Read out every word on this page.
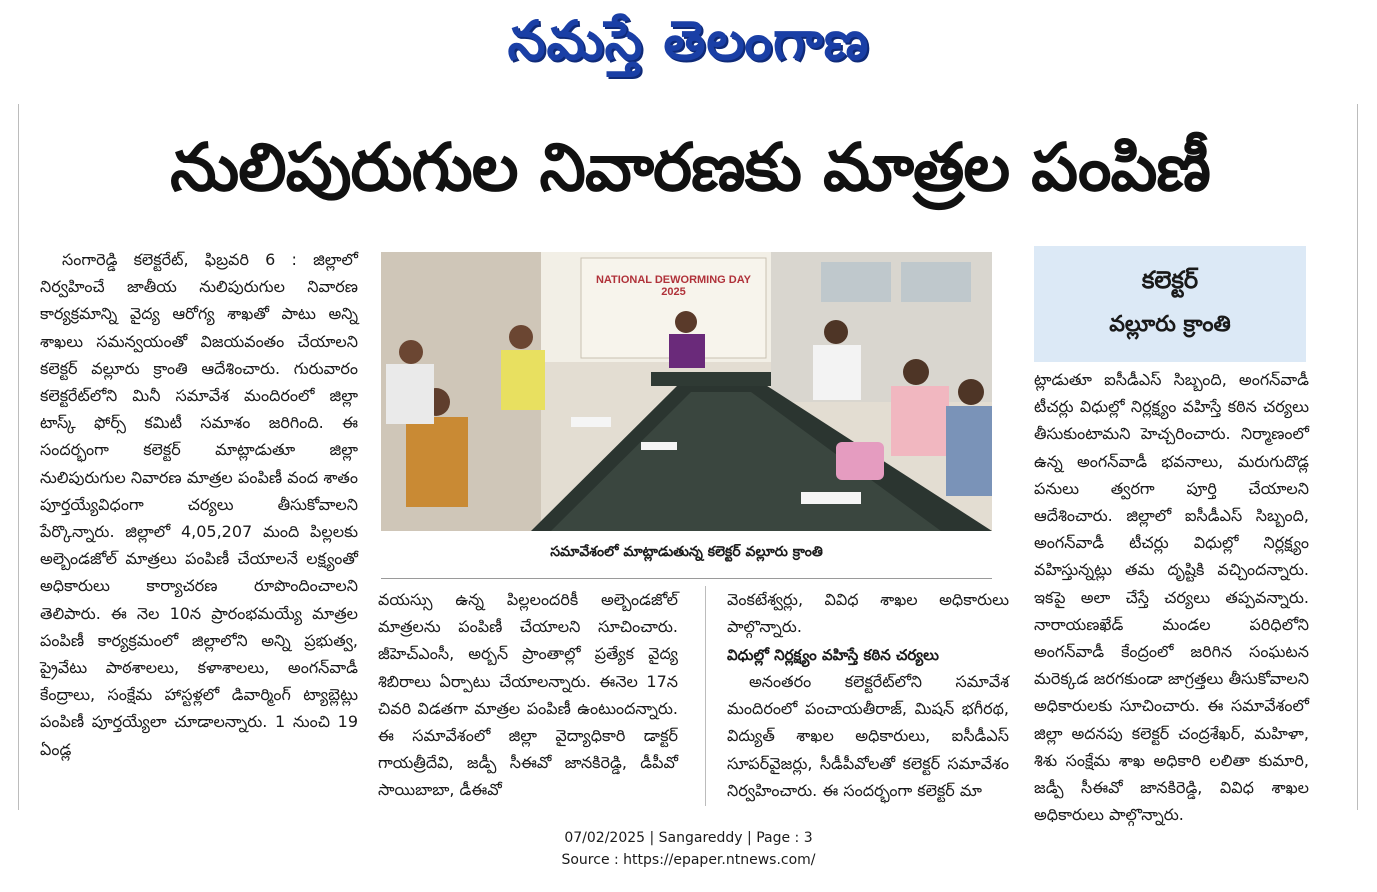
నమస్తే తెలంగాణ
నులిపురుగుల నివారణకు మాత్రల పంపిణీ

సంగారెడ్డి కలెక్టరేట్, ఫిబ్రవరి 6 : జిల్లాలో నిర్వహించే జాతీయ నులిపురుగుల నివారణ కార్యక్రమాన్ని వైద్య ఆరోగ్య శాఖతో పాటు అన్ని శాఖలు సమన్వయంతో విజయవంతం చేయాలని కలెక్టర్ వల్లూరు క్రాంతి ఆదేశించారు. గురువారం కలెక్టరేట్‌లోని మినీ సమావేశ మందిరంలో జిల్లా టాస్క్ ఫోర్స్ కమిటీ సమాశం జరిగింది. ఈ సందర్భంగా కలెక్టర్ మాట్లాడుతూ జిల్లా నులిపురుగుల నివారణ మాత్రల పంపిణీ వంద శాతం పూర్తయ్యేవిధంగా చర్యలు తీసుకోవాలని పేర్కొన్నారు. జిల్లాలో 4,05,207 మంది పిల్లలకు అల్బెండజోల్ మాత్రలు పంపిణీ చేయాలనే లక్ష్యంతో అధికారులు కార్యాచరణ రూపొందించాలని తెలిపారు. ఈ నెల 10న ప్రారంభమయ్యే మాత్రల పంపిణీ కార్యక్రమంలో జిల్లాలోని అన్ని ప్రభుత్వ, ప్రైవేటు పాఠశాలలు, కళాశాలలు, అంగన్‌వాడీ కేంద్రాలు, సంక్షేమ హాస్టళ్లలో డివార్మింగ్ ట్యాబ్లెట్లు పంపిణీ పూర్తయ్యేలా చూడాలన్నారు. 1 నుంచి 19 ఏండ్ల

NATIONAL DEWORMING DAY 2025
సమావేశంలో మాట్లాడుతున్న కలెక్టర్ వల్లూరు క్రాంతి

వయస్సు ఉన్న పిల్లలందరికీ అల్బెండజోల్ మాత్రలను పంపిణీ చేయాలని సూచించారు. జీహెచ్‌ఎంసీ, అర్బన్ ప్రాంతాల్లో ప్రత్యేక వైద్య శిబిరాలు ఏర్పాటు చేయాలన్నారు. ఈనెల 17న చివరి విడతగా మాత్రల పంపిణీ ఉంటుందన్నారు. ఈ సమావేశంలో జిల్లా వైద్యాధికారి డాక్టర్ గాయత్రీదేవి, జడ్పీ సీఈవో జానకిరెడ్డి, డీపీవో సాయిబాబా, డీఈవో

వెంకటేశ్వర్లు, వివిధ శాఖల అధికారులు పాల్గొన్నారు.

విధుల్లో నిర్లక్ష్యం వహిస్తే కఠిన చర్యలు

అనంతరం కలెక్టరేట్‌లోని సమావేశ మందిరంలో పంచాయతీరాజ్, మిషన్ భగీరథ, విద్యుత్ శాఖల అధికారులు, ఐసీడీఎస్ సూపర్‌వైజర్లు, సీడీపీవోలతో కలెక్టర్ సమావేశం నిర్వహించారు. ఈ సందర్భంగా కలెక్టర్ మా

కలెక్టర్
వల్లూరు క్రాంతి

ట్లాడుతూ ఐసీడీఎస్ సిబ్బంది, అంగన్‌వాడీ టీచర్లు విధుల్లో నిర్లక్ష్యం వహిస్తే కఠిన చర్యలు తీసుకుంటామని హెచ్చరించారు. నిర్మాణంలో ఉన్న అంగన్‌వాడీ భవనాలు, మరుగుదొడ్ల పనులు త్వరగా పూర్తి చేయాలని ఆదేశించారు. జిల్లాలో ఐసీడీఎస్ సిబ్బంది, అంగన్‌వాడీ టీచర్లు విధుల్లో నిర్లక్ష్యం వహిస్తున్నట్లు తమ దృష్టికి వచ్చిందన్నారు. ఇకపై అలా చేస్తే చర్యలు తప్పవన్నారు. నారాయణఖేడ్ మండల పరిధిలోని అంగన్‌వాడీ కేంద్రంలో జరిగిన సంఘటన మరెక్కడ జరగకుండా జాగ్రత్తలు తీసుకోవాలని అధికారులకు సూచించారు. ఈ సమావేశంలో జిల్లా అదనపు కలెక్టర్ చంద్రశేఖర్, మహిళా, శిశు సంక్షేమ శాఖ అధికారి లలితా కుమారి, జడ్పీ సీఈవో జానకిరెడ్డి, వివిధ శాఖల అధికారులు పాల్గొన్నారు.

07/02/2025 | Sangareddy | Page : 3
Source : https://epaper.ntnews.com/
